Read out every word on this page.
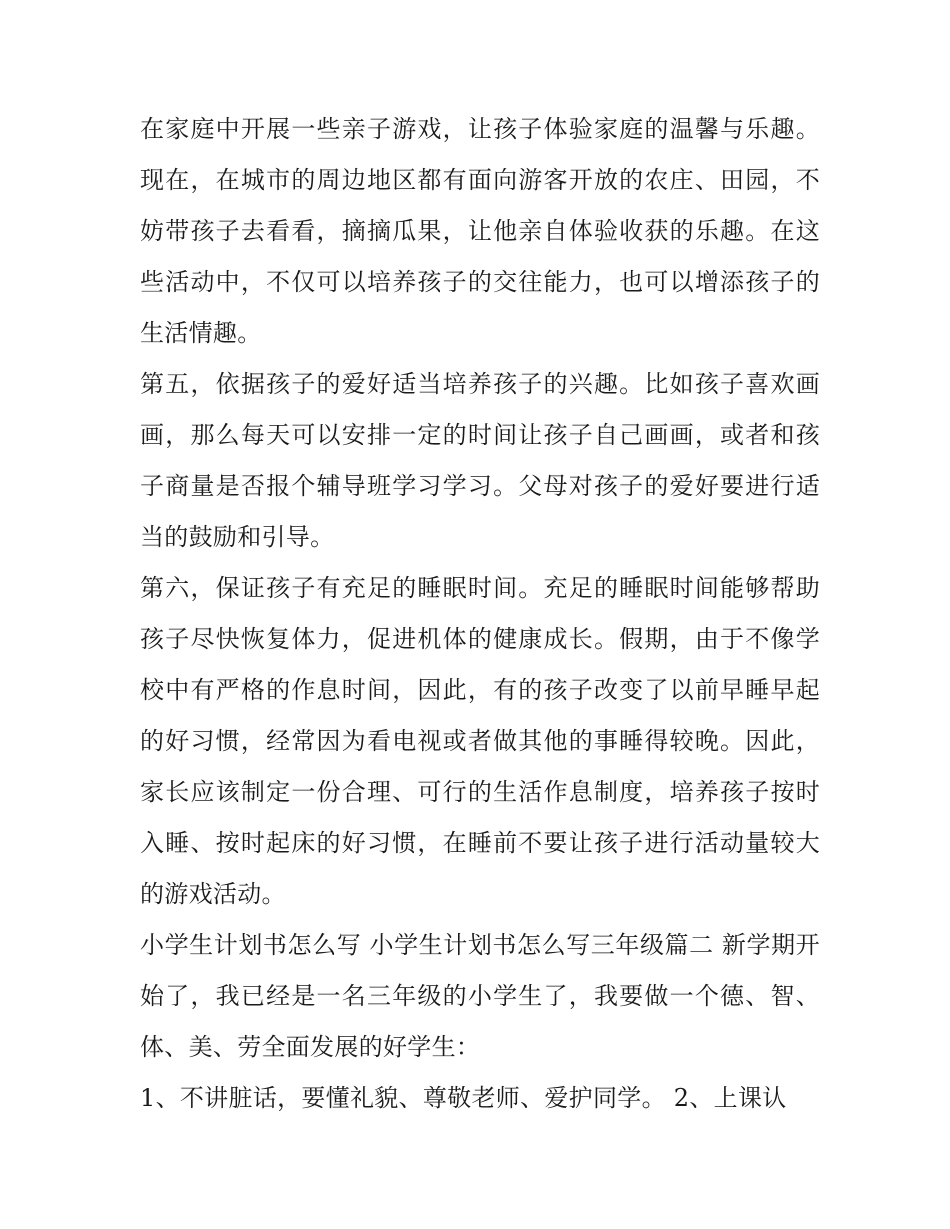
在家庭中开展一些亲子游戏，让孩子体验家庭的温馨与乐趣。现在，在城市的周边地区都有面向游客开放的农庄、田园，不妨带孩子去看看，摘摘瓜果，让他亲自体验收获的乐趣。在这些活动中，不仅可以培养孩子的交往能力，也可以增添孩子的生活情趣。

第五，依据孩子的爱好适当培养孩子的兴趣。比如孩子喜欢画画，那么每天可以安排一定的时间让孩子自己画画，或者和孩子商量是否报个辅导班学习学习。父母对孩子的爱好要进行适当的鼓励和引导。

第六，保证孩子有充足的睡眠时间。充足的睡眠时间能够帮助孩子尽快恢复体力，促进机体的健康成长。假期，由于不像学校中有严格的作息时间，因此，有的孩子改变了以前早睡早起的好习惯，经常因为看电视或者做其他的事睡得较晚。因此，家长应该制定一份合理、可行的生活作息制度，培养孩子按时入睡、按时起床的好习惯，在睡前不要让孩子进行活动量较大的游戏活动。

小学生计划书怎么写 小学生计划书怎么写三年级篇二 新学期开始了，我已经是一名三年级的小学生了，我要做一个德、智、体、美、劳全面发展的好学生：

1、不讲脏话，要懂礼貌、尊敬老师、爱护同学。 2、上课认
